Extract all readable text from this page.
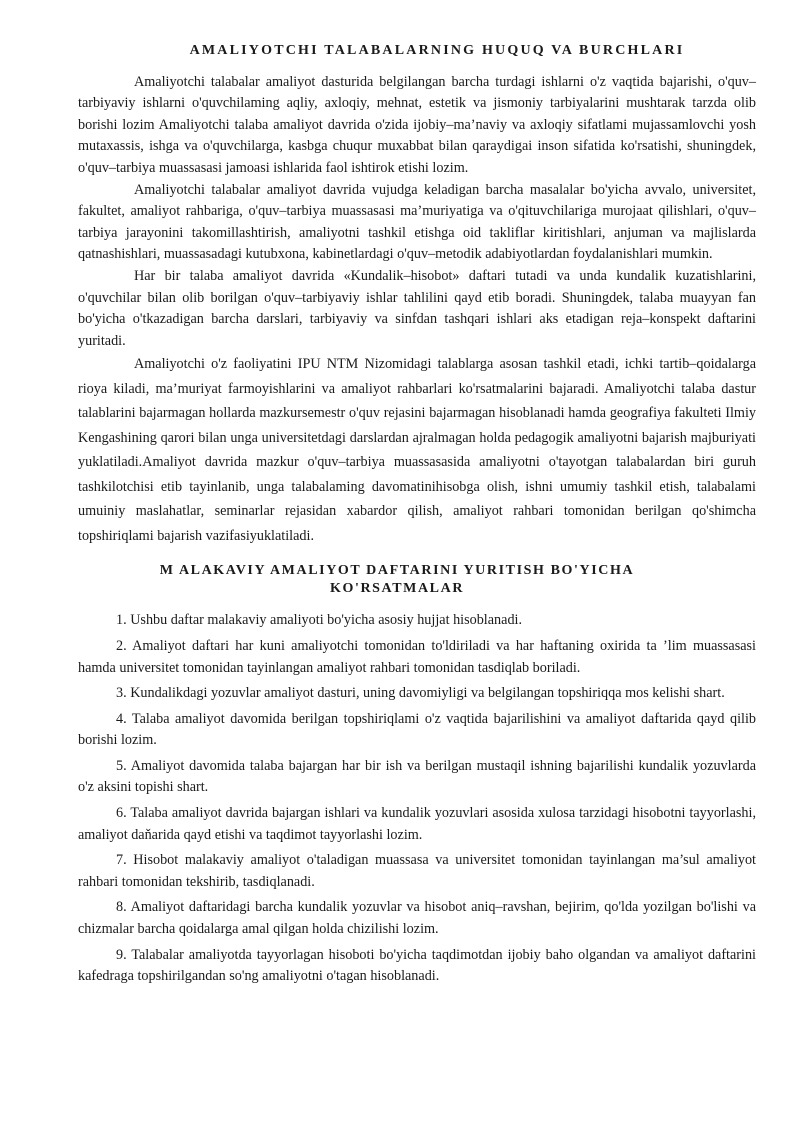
AMALIYOTCHI TALABALARNING HUQUQ VA BURCHLARI

Amaliyotchi talabalar amaliyot dasturida belgilangan barcha turdagi ishlarni o'z vaqtida bajarishi, o'quv–tarbiyaviy ishlarni o'quvchilaming aqliy, axloqiy, mehnat, estetik va jismoniy tarbiyalarini mushtarak tarzda olib borishi lozim Amaliyotchi talaba amaliyot davrida o'zida ijobiy–ma’naviy va axloqiy sifatlami mujassamlovchi yosh mutaxassis, ishga va o'quvchilarga, kasbga chuqur muxabbat bilan qaraydigai inson sifatida ko'rsatishi, shuningdek, o'quv–tarbiya muassasasi jamoasi ishlarida faol ishtirok etishi lozim.

Amaliyotchi talabalar amaliyot davrida vujudga keladigan barcha masalalar bo'yicha avvalo, universitet, fakultet, amaliyot rahbariga, o'quv–tarbiya muassasasi ma’muriyatiga va o'qituvchilariga murojaat qilishlari, o'quv–tarbiya jarayonini takomillashtirish, amaliyotni tashkil etishga oid takliflar kiritishlari, anjuman va majlislarda qatnashishlari, muassasadagi kutubxona, kabinetlardagi o'quv–metodik adabiyotlardan foydalanishlari mumkin.

Har bir talaba amaliyot davrida «Kundalik–hisobot» daftari tutadi va unda kundalik kuzatishlarini, o'quvchilar bilan olib borilgan o'quv–tarbiyaviy ishlar tahlilini qayd etib boradi. Shuningdek, talaba muayyan fan bo'yicha o'tkazadigan barcha darslari, tarbiyaviy va sinfdan tashqari ishlari aks etadigan reja–konspekt daftarini yuritadi.

Amaliyotchi o'z faoliyatini IPU NTM Nizomidagi talablarga asosan tashkil etadi, ichki tartib–qoidalarga rioya kiladi, ma’muriyat farmoyishlarini va amaliyot rahbarlari ko'rsatmalarini bajaradi. Amaliyotchi talaba dastur talablarini bajarmagan hollarda mazkursemestr o'quv rejasini bajarmagan hisoblanadi hamda geografiya fakulteti Ilmiy Kengashining qarori bilan unga universitetdagi darslardan ajralmagan holda pedagogik amaliyotni bajarish majburiyati yuklatiladi.Amaliyot davrida mazkur o'quv–tarbiya muassasasida amaliyotni o'tayotgan talabalardan biri guruh tashkilotchisi etib tayinlanib, unga talabalaming davomatinihisobga olish, ishni umumiy tashkil etish, talabalami umuiniy maslahatlar, seminarlar rejasidan xabardor qilish, amaliyot rahbari tomonidan berilgan qo'shimcha topshiriqlami bajarish vazifasiyuklatiladi.

M ALAKAVIY AMALIYOT DAFTARINI YURITISH BO'YICHA
KO'RSATMALAR
1. Ushbu daftar malakaviy amaliyoti bo'yicha asosiy hujjat hisoblanadi.
2. Amaliyot daftari har kuni amaliyotchi tomonidan to'ldiriladi va har haftaning oxirida ta ’lim muassasasi hamda universitet tomonidan tayinlangan amaliyot rahbari tomonidan tasdiqlab boriladi.
3. Kundalikdagi yozuvlar amaliyot dasturi, uning davomiyligi va belgilangan topshiriqqa mos kelishi shart.
4. Talaba amaliyot davomida berilgan topshiriqlami o'z vaqtida bajarilishini va amaliyot daftarida qayd qilib borishi lozim.
5. Amaliyot davomida talaba bajargan har bir ish va berilgan mustaqil ishning bajarilishi kundalik yozuvlarda o'z aksini topishi shart.
6. Talaba amaliyot davrida bajargan ishlari va kundalik yozuvlari asosida xulosa tarzidagi hisobotni tayyorlashi, amaliyot daňarida qayd etishi va taqdimot tayyorlashi lozim.
7. Hisobot malakaviy amaliyot o'taladigan muassasa va universitet tomonidan tayinlangan ma’sul amaliyot rahbari tomonidan tekshirib, tasdiqlanadi.
8. Amaliyot daftaridagi barcha kundalik yozuvlar va hisobot aniq–ravshan, bejirim, qo'lda yozilgan bo'lishi va chizmalar barcha qoidalarga amal qilgan holda chizilishi lozim.
9. Talabalar amaliyotda tayyorlagan hisoboti bo'yicha taqdimotdan ijobiy baho olgandan va amaliyot daftarini kafedraga topshirilgandan so'ng amaliyotni o'tagan hisoblanadi.
